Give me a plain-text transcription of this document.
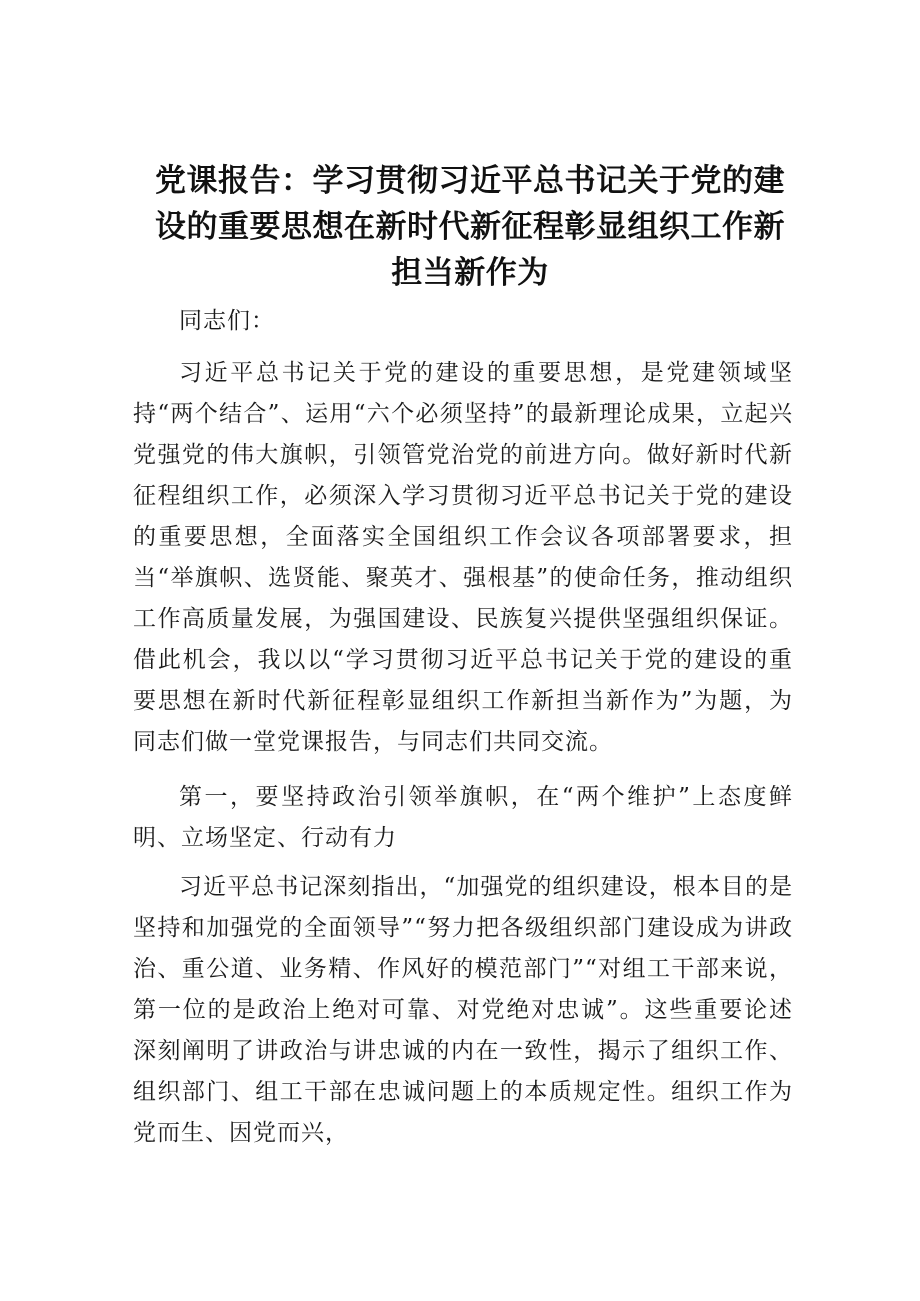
党课报告：学习贯彻习近平总书记关于党的建设的重要思想在新时代新征程彰显组织工作新担当新作为

同志们：

习近平总书记关于党的建设的重要思想，是党建领域坚持“两个结合”、运用“六个必须坚持”的最新理论成果，立起兴党强党的伟大旗帜，引领管党治党的前进方向。做好新时代新征程组织工作，必须深入学习贯彻习近平总书记关于党的建设的重要思想，全面落实全国组织工作会议各项部署要求，担当“举旗帜、选贤能、聚英才、强根基”的使命任务，推动组织工作高质量发展，为强国建设、民族复兴提供坚强组织保证。借此机会，我以以“学习贯彻习近平总书记关于党的建设的重要思想在新时代新征程彰显组织工作新担当新作为”为题，为同志们做一堂党课报告，与同志们共同交流。

第一，要坚持政治引领举旗帜，在“两个维护”上态度鲜明、立场坚定、行动有力

习近平总书记深刻指出，“加强党的组织建设，根本目的是坚持和加强党的全面领导”“努力把各级组织部门建设成为讲政治、重公道、业务精、作风好的模范部门”“对组工干部来说，第一位的是政治上绝对可靠、对党绝对忠诚”。这些重要论述深刻阐明了讲政治与讲忠诚的内在一致性，揭示了组织工作、组织部门、组工干部在忠诚问题上的本质规定性。组织工作为党而生、因党而兴，
